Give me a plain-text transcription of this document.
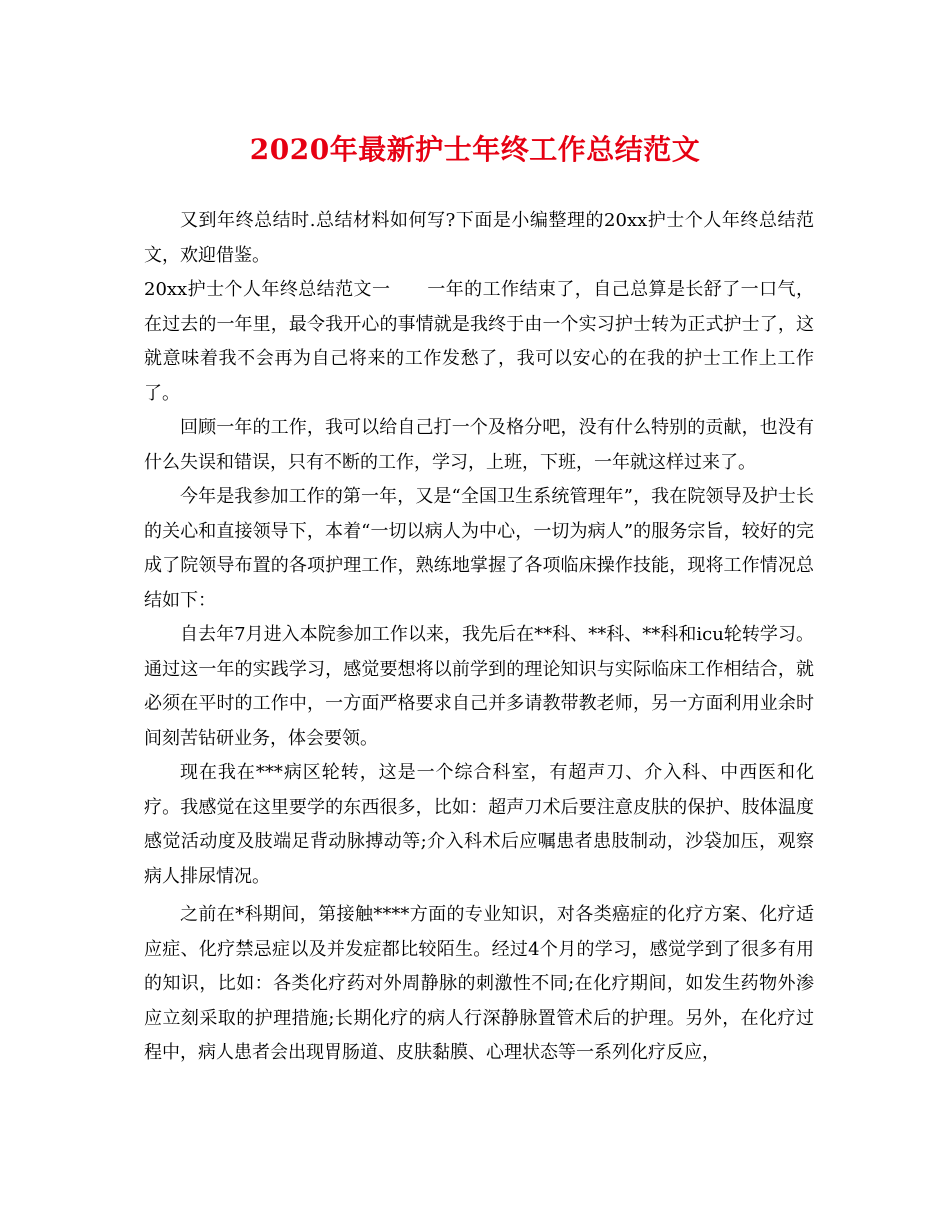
2020年最新护士年终工作总结范文

又到年终总结时.总结材料如何写?下面是小编整理的20xx护士个人年终总结范文，欢迎借鉴。

20xx护士个人年终总结范文一　　一年的工作结束了，自己总算是长舒了一口气，在过去的一年里，最令我开心的事情就是我终于由一个实习护士转为正式护士了，这就意味着我不会再为自己将来的工作发愁了，我可以安心的在我的护士工作上工作了。

回顾一年的工作，我可以给自己打一个及格分吧，没有什么特别的贡献，也没有什么失误和错误，只有不断的工作，学习，上班，下班，一年就这样过来了。

今年是我参加工作的第一年，又是“全国卫生系统管理年”，我在院领导及护士长的关心和直接领导下，本着“一切以病人为中心，一切为病人”的服务宗旨，较好的完成了院领导布置的各项护理工作，熟练地掌握了各项临床操作技能，现将工作情况总结如下：

自去年7月进入本院参加工作以来，我先后在**科、**科、**科和icu轮转学习。通过这一年的实践学习，感觉要想将以前学到的理论知识与实际临床工作相结合，就必须在平时的工作中，一方面严格要求自己并多请教带教老师，另一方面利用业余时间刻苦钻研业务，体会要领。

现在我在***病区轮转，这是一个综合科室，有超声刀、介入科、中西医和化疗。我感觉在这里要学的东西很多，比如：超声刀术后要注意皮肤的保护、肢体温度感觉活动度及肢端足背动脉搏动等;介入科术后应嘱患者患肢制动，沙袋加压，观察病人排尿情况。

之前在*科期间，第接触****方面的专业知识，对各类癌症的化疗方案、化疗适应症、化疗禁忌症以及并发症都比较陌生。经过4个月的学习，感觉学到了很多有用的知识，比如：各类化疗药对外周静脉的刺激性不同;在化疗期间，如发生药物外渗应立刻采取的护理措施;长期化疗的病人行深静脉置管术后的护理。另外，在化疗过程中，病人患者会出现胃肠道、皮肤黏膜、心理状态等一系列化疗反应，
